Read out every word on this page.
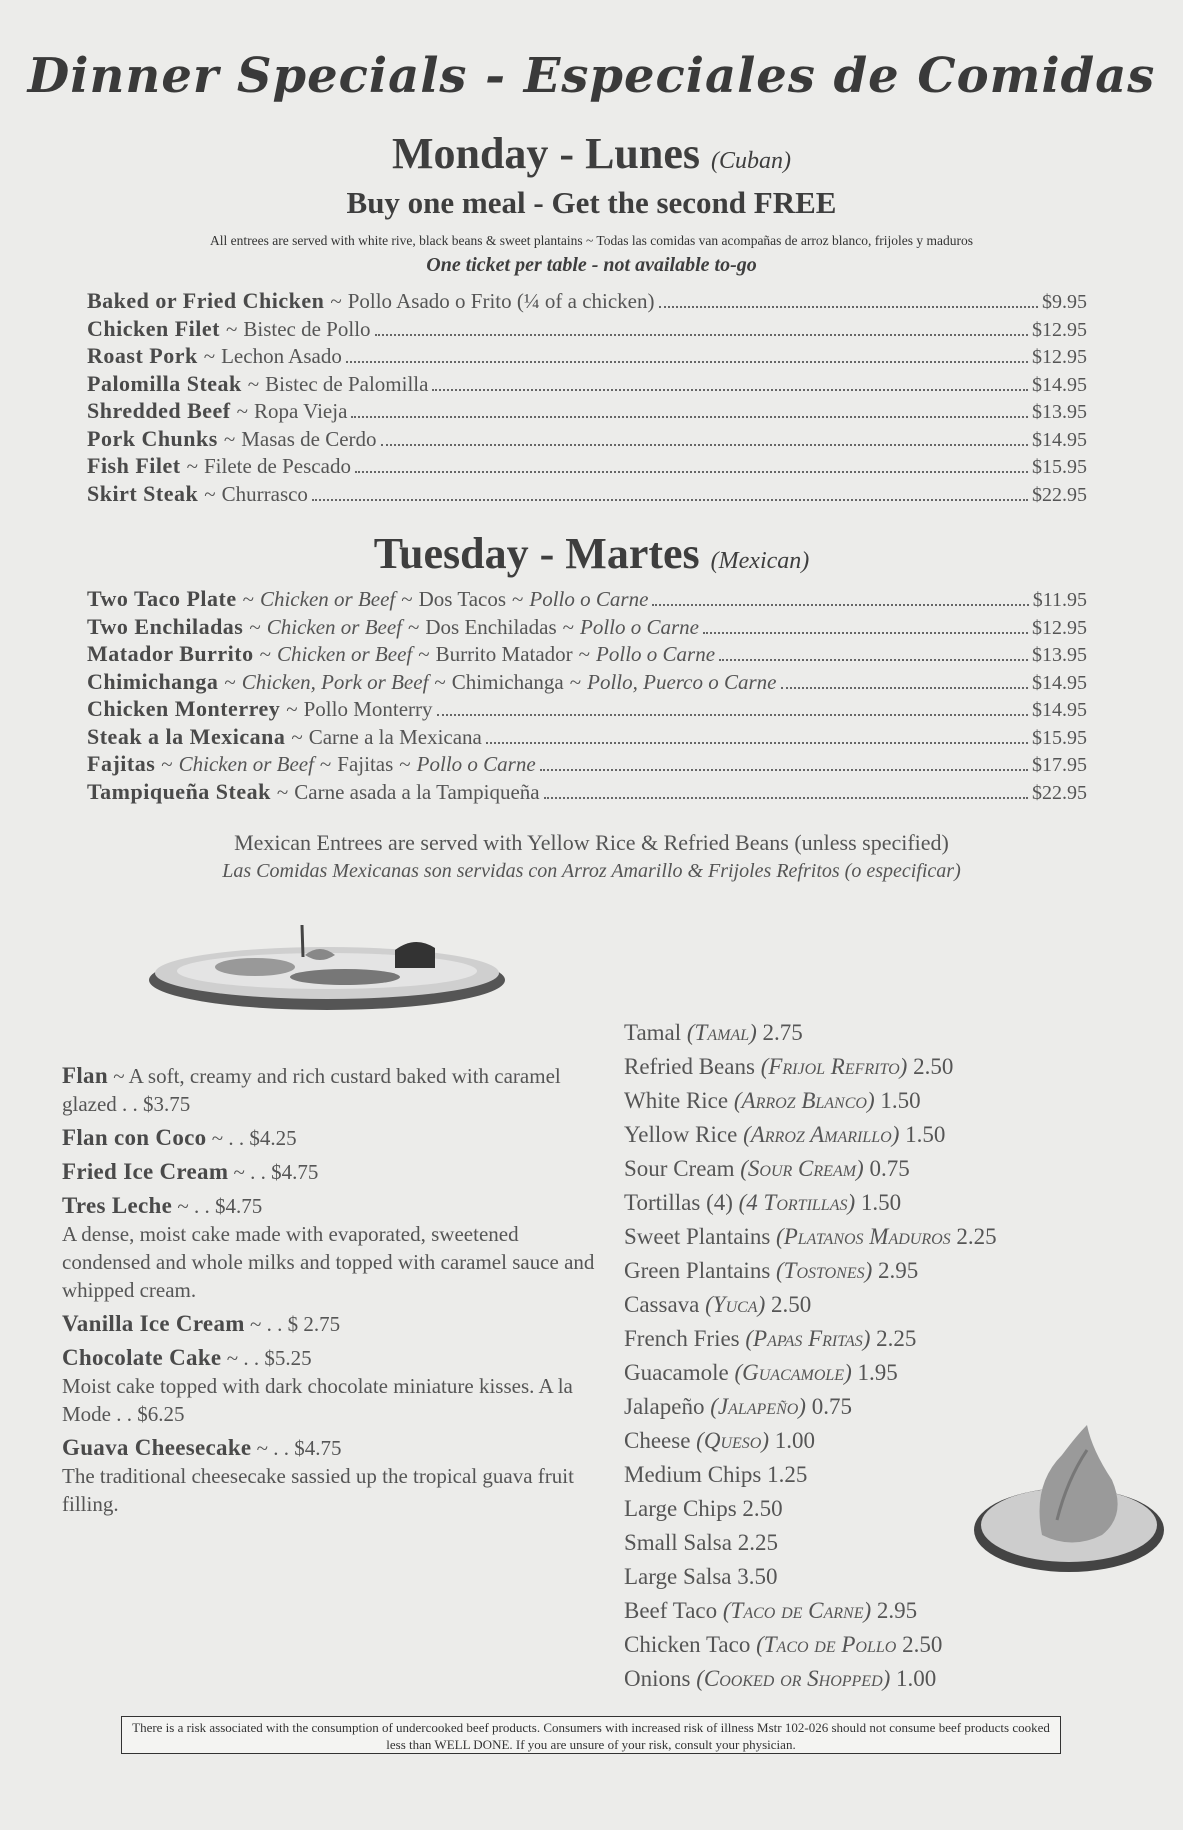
Dinner Specials - Especiales de Comidas
Monday - Lunes (Cuban)
Buy one meal - Get the second FREE
All entrees are served with white rive, black beans & sweet plantains ~ Todas las comidas van acompañas de arroz blanco, frijoles y maduros
One ticket per table - not available to-go
Baked or Fried Chicken ~ Pollo Asado o Frito (¼ of a chicken)	$9.95
Chicken Filet ~ Bistec de Pollo	$12.95
Roast Pork ~ Lechon Asado	$12.95
Palomilla Steak ~ Bistec de Palomilla	$14.95
Shredded Beef ~ Ropa Vieja	$13.95
Pork Chunks ~ Masas de Cerdo	$14.95
Fish Filet ~ Filete de Pescado	$15.95
Skirt Steak ~ Churrasco	$22.95
Tuesday - Martes (Mexican)
Two Taco Plate ~ Chicken or Beef ~ Dos Tacos ~ Pollo o Carne	$11.95
Two Enchiladas ~ Chicken or Beef ~ Dos Enchiladas ~ Pollo o Carne	$12.95
Matador Burrito ~ Chicken or Beef ~ Burrito Matador ~ Pollo o Carne	$13.95
Chimichanga ~ Chicken, Pork or Beef ~ Chimichanga ~ Pollo, Puerco o Carne	$14.95
Chicken Monterrey ~ Pollo Monterry	$14.95
Steak a la Mexicana ~ Carne a la Mexicana	$15.95
Fajitas ~ Chicken or Beef ~ Fajitas ~ Pollo o Carne	$17.95
Tampiqueña Steak ~ Carne asada a la Tampiqueña	$22.95
Mexican Entrees are served with Yellow Rice & Refried Beans (unless specified)
Las Comidas Mexicanas son servidas con Arroz Amarillo & Frijoles Refritos (o especificar)
Flan ~ A soft, creamy and rich custard baked with caramel glazed . . $3.75
Flan con Coco ~ . . $4.25
Fried Ice Cream ~ . . $4.75
Tres Leche ~ . . $4.75
A dense, moist cake made with evaporated, sweetened condensed and whole milks and topped with caramel sauce and whipped cream.
Vanilla Ice Cream ~ . . $ 2.75
Chocolate Cake ~ . . $5.25
Moist cake topped with dark chocolate miniature kisses. A la Mode . . $6.25
Guava Cheesecake ~ . . $4.75
The traditional cheesecake sassied up the tropical guava fruit filling.
Tamal (Tamal) 2.75
Refried Beans (Frijol Refrito) 2.50
White Rice (Arroz Blanco) 1.50
Yellow Rice (Arroz Amarillo) 1.50
Sour Cream (Sour Cream) 0.75
Tortillas (4) (4 Tortillas) 1.50
Sweet Plantains (Platanos Maduros 2.25
Green Plantains (Tostones) 2.95
Cassava (Yuca) 2.50
French Fries (Papas Fritas) 2.25
Guacamole (Guacamole) 1.95
Jalapeño (Jalapeño) 0.75
Cheese (Queso) 1.00
Medium Chips 1.25
Large Chips 2.50
Small Salsa 2.25
Large Salsa 3.50
Beef Taco (Taco de Carne) 2.95
Chicken Taco (Taco de Pollo 2.50
Onions (Cooked or Shopped) 1.00
There is a risk associated with the consumption of undercooked beef products. Consumers with increased risk of illness Mstr 102-026 should not consume beef products cooked less than WELL DONE. If you are unsure of your risk, consult your physician.
